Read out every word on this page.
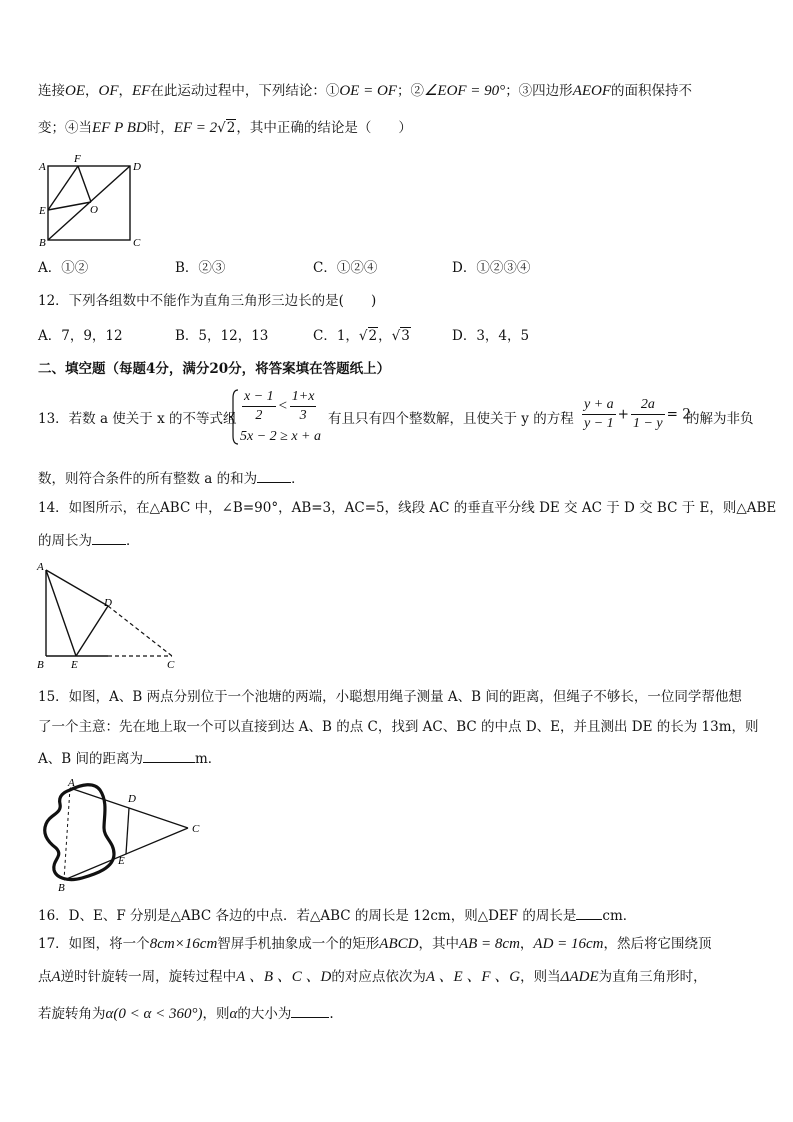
连接OE，OF，EF在此运动过程中，下列结论：①OE = OF；②∠EOF = 90°；③四边形AEOF的面积保持不
变；④当EF P BD时，EF = 2√2，其中正确的结论是（　　）
A
F
D
E	O
B	C
A．①②	B．②③	C．①②④	D．①②③④
12．下列各组数中不能作为直角三角形三边长的是(　　)
A．7，9，12	B．5，12，13	C．1，√2，√3	D．3，4，5
二、填空题（每题4分，满分20分，将答案填在答题纸上）
13．若数 a 使关于 x 的不等式组 $\frac{x - 1}{2} < \frac{1+x}{3}$
5x − 2 ≥ x + a
有且只有四个整数解，且使关于 y 的方程 $\frac{y + a}{y - 1} + \frac{2a}{1 - y} = 2$
的解为非负
数，则符合条件的所有整数 a 的和为	．
14．如图所示，在△ABC 中，∠B=90°，AB=3，AC=5，线段 AC 的垂直平分线 DE 交 AC 于 D 交 BC 于 E，则△ABE
的周长为	．
A
D
B E	C
15．如图，A、B 两点分别位于一个池塘的两端，小聪想用绳子测量 A、B 间的距离，但绳子不够长，一位同学帮他想
了一个主意：先在地上取一个可以直接到达 A、B 的点 C，找到 AC、BC 的中点 D、E，并且测出 DE 的长为 13m，则
A、B 间的距离为	m．
A
D
C
E
B
16．D、E、F 分别是△ABC 各边的中点．若△ABC 的周长是 12cm，则△DEF 的周长是 cm．
17．如图，将一个8cm×16cm智屏手机抽象成一个的矩形ABCD，其中AB = 8cm，AD = 16cm，然后将它围绕顶
点A逆时针旋转一周，旋转过程中A 、B 、C 、D的对应点依次为A 、E 、F 、G，则当ΔADE为直角三角形时，
若旋转角为α(0 < α < 360°)，则α的大小为	.
